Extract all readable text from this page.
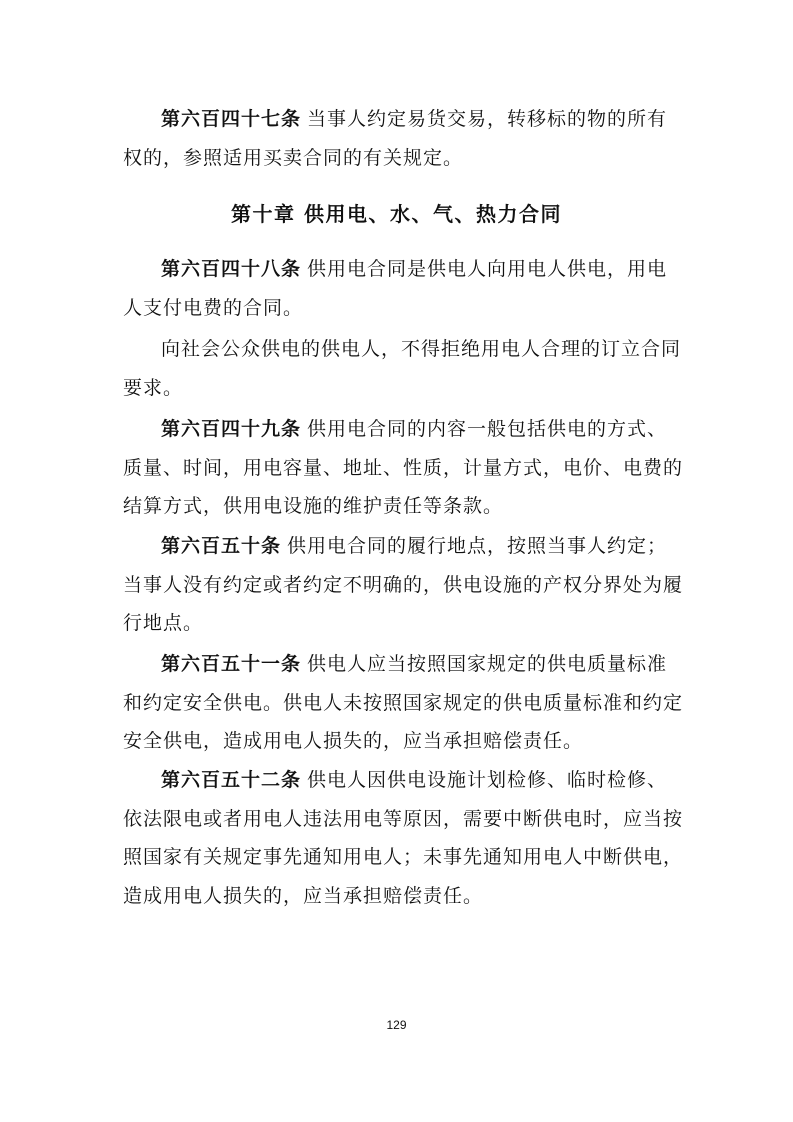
第六百四十七条 当事人约定易货交易，转移标的物的所有权的，参照适用买卖合同的有关规定。

第十章 供用电、水、气、热力合同

第六百四十八条 供用电合同是供电人向用电人供电，用电人支付电费的合同。

向社会公众供电的供电人，不得拒绝用电人合理的订立合同要求。

第六百四十九条 供用电合同的内容一般包括供电的方式、质量、时间，用电容量、地址、性质，计量方式，电价、电费的结算方式，供用电设施的维护责任等条款。

第六百五十条 供用电合同的履行地点，按照当事人约定；当事人没有约定或者约定不明确的，供电设施的产权分界处为履行地点。

第六百五十一条 供电人应当按照国家规定的供电质量标准和约定安全供电。供电人未按照国家规定的供电质量标准和约定安全供电，造成用电人损失的，应当承担赔偿责任。

第六百五十二条 供电人因供电设施计划检修、临时检修、依法限电或者用电人违法用电等原因，需要中断供电时，应当按照国家有关规定事先通知用电人；未事先通知用电人中断供电，造成用电人损失的，应当承担赔偿责任。

129
